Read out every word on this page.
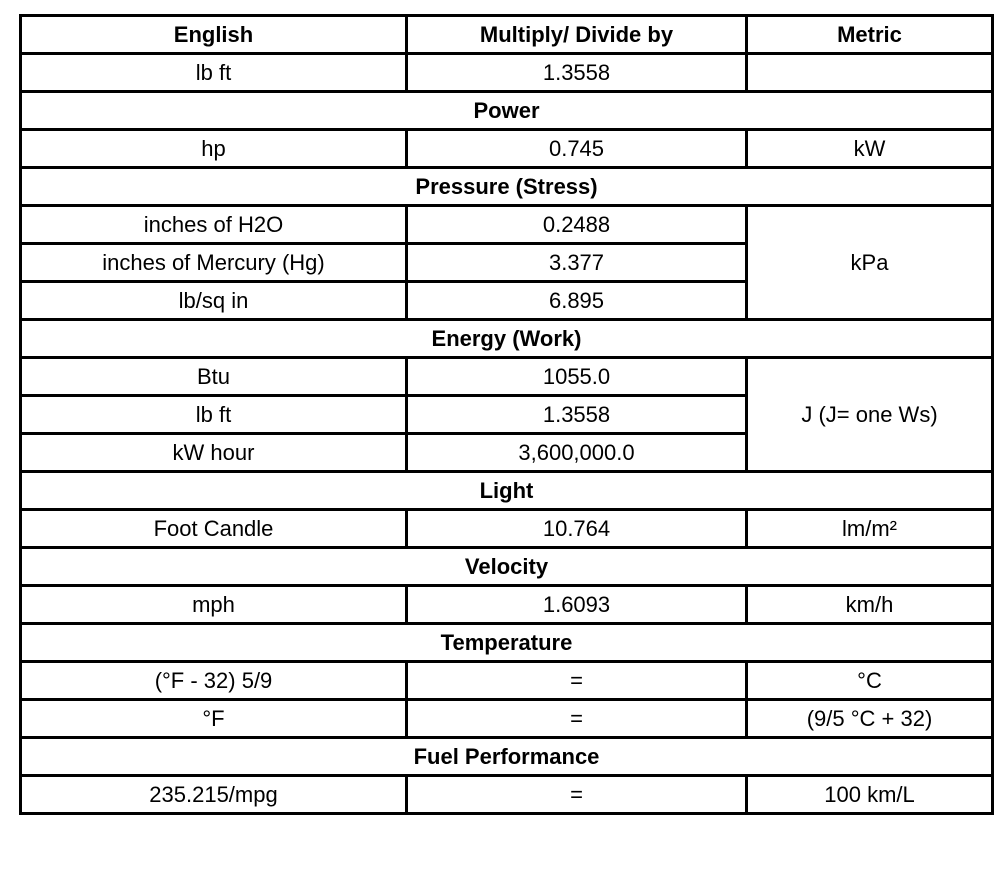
English	Multiply/ Divide by	Metric
lb ft	1.3558	
Power		
hp	0.745	kW
Pressure (Stress)		
inches of H2O	0.2488	kPa
inches of Mercury (Hg)	3.377	
lb/sq in	6.895	
Energy (Work)		
Btu	1055.0	J (J= one Ws)
lb ft	1.3558	
kW hour	3,600,000.0	
Light		
Foot Candle	10.764	lm/m²
Velocity		
mph	1.6093	km/h
Temperature		
(°F - 32) 5/9	=	°C
°F	=	(9/5 °C + 32)
Fuel Performance		
235.215/mpg	=	100 km/L
